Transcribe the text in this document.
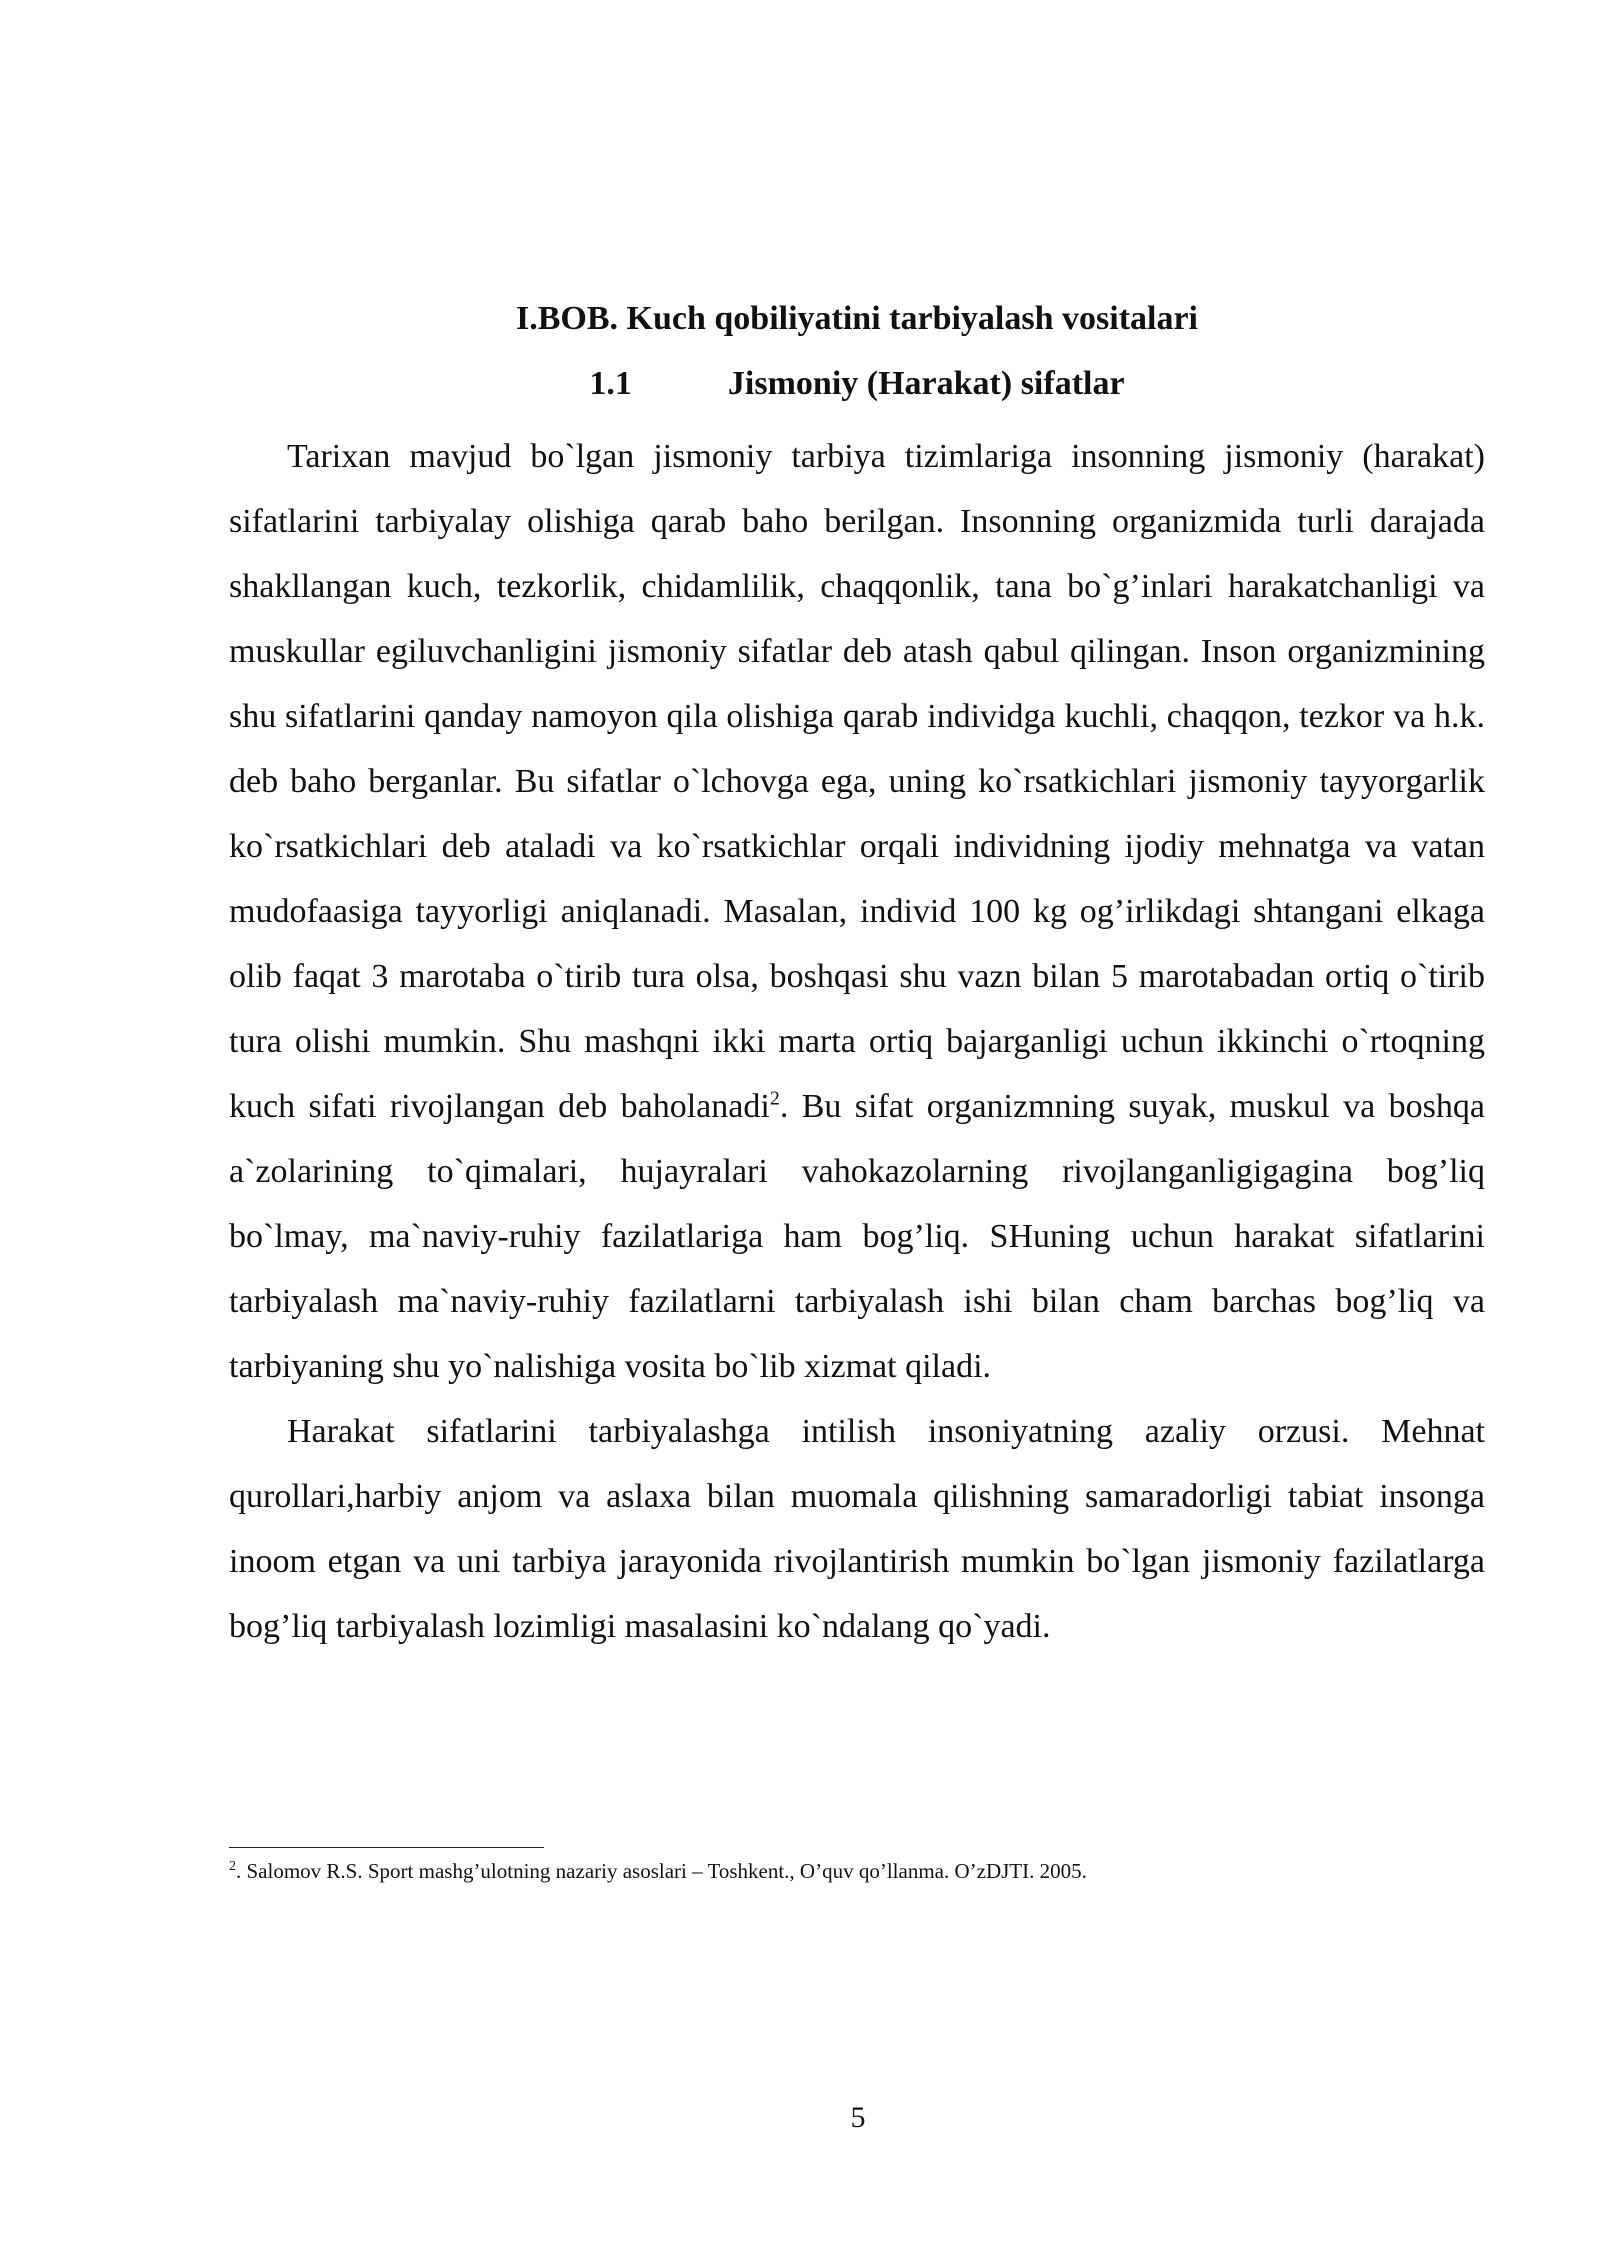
I.BOB. Kuch qobiliyatini tarbiyalash vositalari
1.1	Jismoniy (Harakat) sifatlar

Tarixan mavjud bo`lgan jismoniy tarbiya tizimlariga insonning jismoniy (harakat) sifatlarini tarbiyalay olishiga qarab baho berilgan. Insonning organizmida turli darajada shakllangan kuch, tezkorlik, chidamlilik, chaqqonlik, tana bo`g’inlari harakatchanligi va muskullar egiluvchanligini jismoniy sifatlar deb atash qabul qilingan. Inson organizmining shu sifatlarini qanday namoyon qila olishiga qarab individga kuchli, chaqqon, tezkor va h.k. deb baho berganlar. Bu sifatlar o`lchovga ega, uning ko`rsatkichlari jismoniy tayyorgarlik ko`rsatkichlari deb ataladi va ko`rsatkichlar orqali individning ijodiy mehnatga va vatan mudofaasiga tayyorligi aniqlanadi. Masalan, individ 100 kg og’irlikdagi shtangani elkaga olib faqat 3 marotaba o`tirib tura olsa, boshqasi shu vazn bilan 5 marotabadan ortiq o`tirib tura olishi mumkin. Shu mashqni ikki marta ortiq bajarganligi uchun ikkinchi o`rtoqning kuch sifati rivojlangan deb baholanadi$^2$. Bu sifat organizmning suyak, muskul va boshqa a`zolarining to`qimalari, hujayralari vahokazolarning rivojlanganligigagina bog’liq bo`lmay, ma`naviy-ruhiy fazilatlariga ham bog’liq. SHuning uchun harakat sifatlarini tarbiyalash ma`naviy-ruhiy fazilatlarni tarbiyalash ishi bilan cham barchas bog’liq va tarbiyaning shu yo`nalishiga vosita bo`lib xizmat qiladi.

Harakat sifatlarini tarbiyalashga intilish insoniyatning azaliy orzusi. Mehnat qurollari,harbiy anjom va aslaxa bilan muomala qilishning samaradorligi tabiat insonga inoom etgan va uni tarbiya jarayonida rivojlantirish mumkin bo`lgan jismoniy fazilatlarga bog’liq tarbiyalash lozimligi masalasini ko`ndalang qo`yadi.

$^2$. Salomov R.S. Sport mashg’ulotning nazariy asoslari – Toshkent., O’quv qo’llanma. O’zDJTI. 2005.
5
